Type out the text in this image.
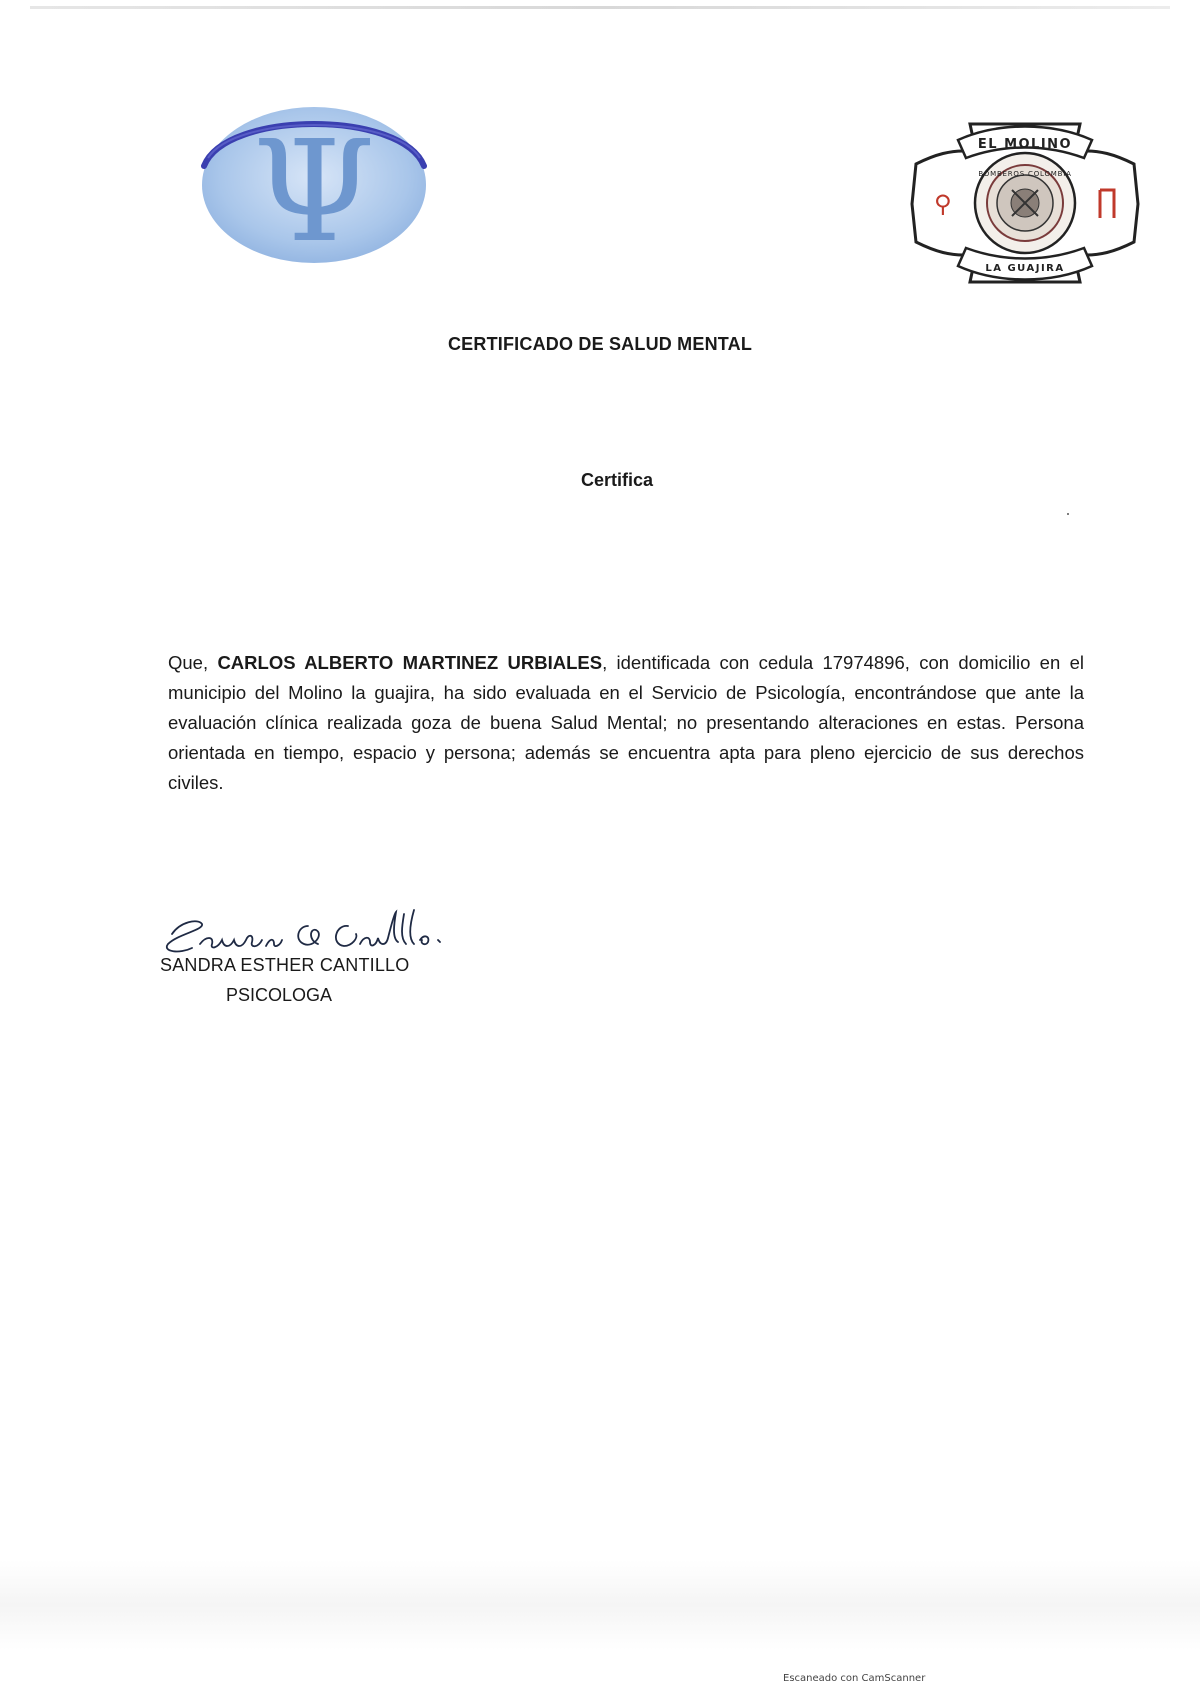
Ψ	EL MOLINO
LA GUAJIRA
BOMBEROS COLOMBIA
⚲
CERTIFICADO DE SALUD MENTAL
Certifica
Que, CARLOS ALBERTO MARTINEZ URBIALES, identificada con cedula 17974896, con domicilio en el municipio del Molino la guajira, ha sido evaluada en el Servicio de Psicología, encontrándose que ante la evaluación clínica realizada goza de buena Salud Mental; no presentando alteraciones en estas. Persona orientada en tiempo, espacio y persona; además se encuentra apta para pleno ejercicio de sus derechos civiles.
SANDRA ESTHER CANTILLO
PSICOLOGA
Escaneado con CamScanner
